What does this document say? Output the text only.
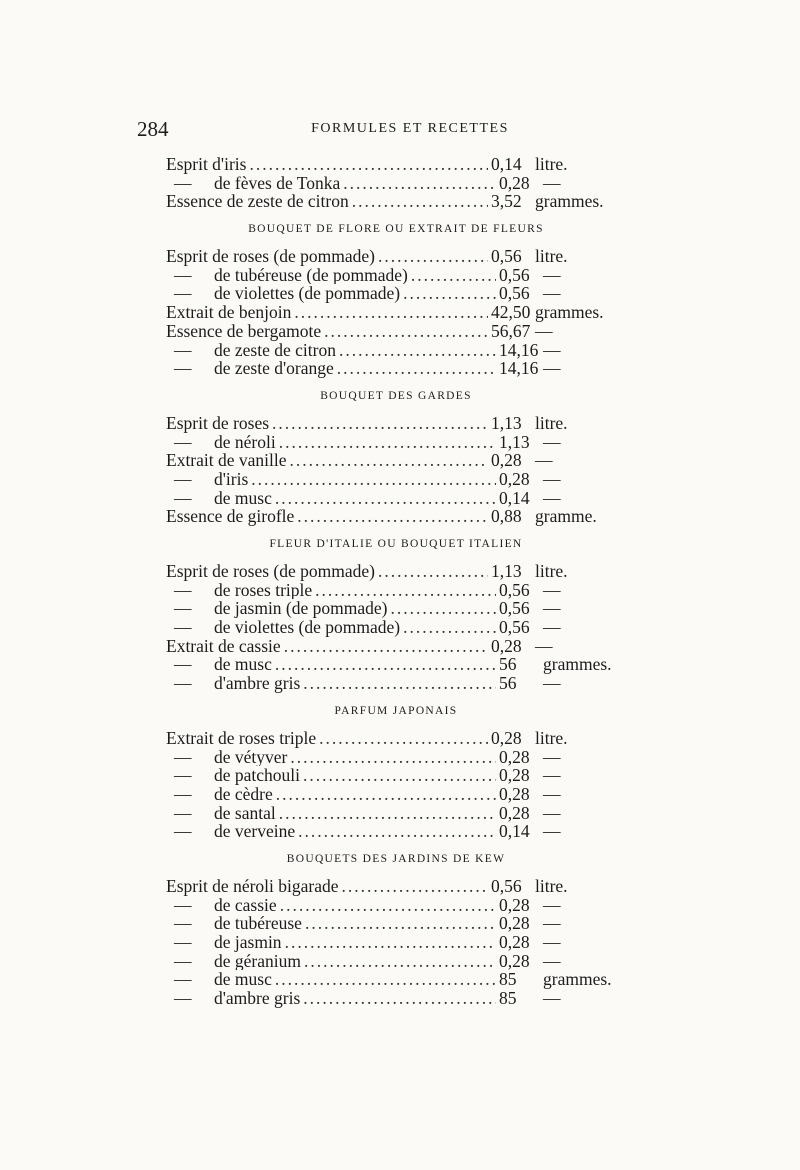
284	FORMULES ET RECETTES
Esprit d'iris .....	0,14 litre.
—	de fèves de Tonka .....	0,28 —
Essence de zeste de citron .....	3,52 grammes.
BOUQUET DE FLORE OU EXTRAIT DE FLEURS
Esprit de roses (de pommade) .....	0,56 litre.
—	de tubéreuse (de pommade) .....	0,56 —
—	de violettes (de pommade) .....	0,56 —
Extrait de benjoin .....	42,50 grammes.
Essence de bergamote .....	56,67 —
—	de zeste de citron .....	14,16 —
—	de zeste d'orange .....	14,16 —
BOUQUET DES GARDES
Esprit de roses .....	1,13 litre.
—	de néroli .....	1,13 —
Extrait de vanille .....	0,28 —
—	d'iris .....	0,28 —
—	de musc .....	0,14 —
Essence de girofle .....	0,88 gramme.
FLEUR D'ITALIE OU BOUQUET ITALIEN
Esprit de roses (de pommade) .....	1,13 litre.
—	de roses triple .....	0,56 —
—	de jasmin (de pommade) .....	0,56 —
—	de violettes (de pommade) .....	0,56 —
Extrait de cassie .....	0,28 —
—	de musc .....	56	grammes.
—	d'ambre gris .....	56	—
PARFUM JAPONAIS
Extrait de roses triple .....	0,28 litre.
—	de vétyver .....	0,28 —
—	de patchouli .....	0,28 —
—	de cèdre .....	0,28 —
—	de santal .....	0,28 —
—	de verveine .....	0,14 —
BOUQUETS DES JARDINS DE KEW
Esprit de néroli bigarade .....	0,56 litre.
—	de cassie .....	0,28 —
—	de tubéreuse .....	0,28 —
—	de jasmin .....	0,28 —
—	de géranium .....	0,28 —
—	de musc .....	85	grammes.
—	d'ambre gris .....	85	—
